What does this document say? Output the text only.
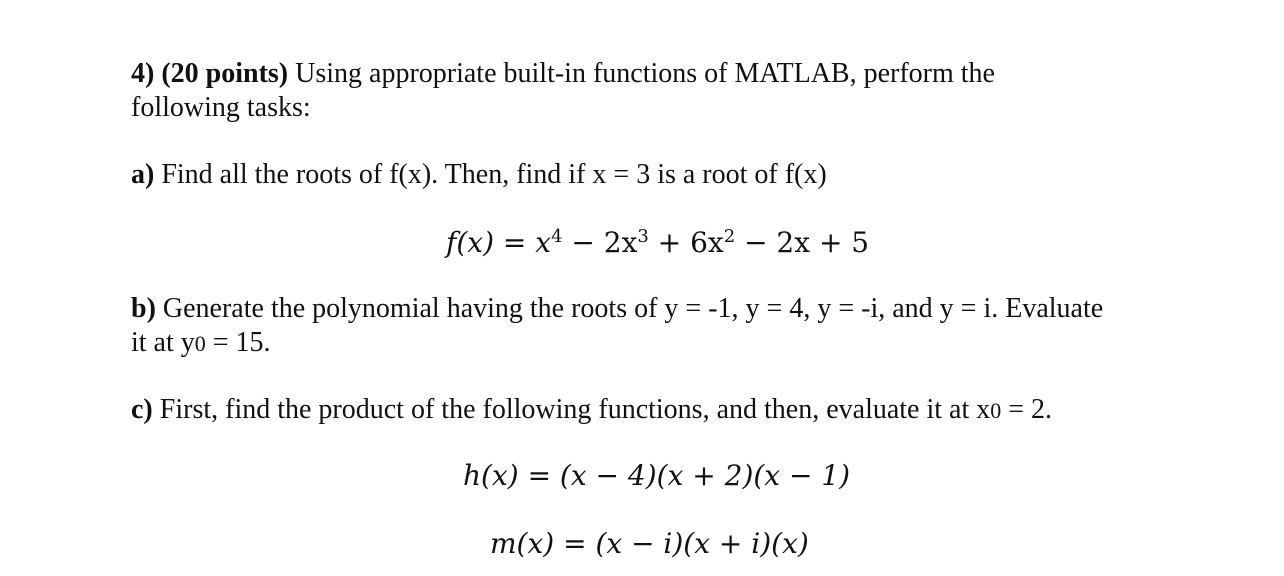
4) (20 points) Using appropriate built-in functions of MATLAB, perform the
following tasks:
a) Find all the roots of f(x). Then, find if x = 3 is a root of f(x)
$f(x) = x^4 - 2x^3 + 6x^2 - 2x + 5$
b) Generate the polynomial having the roots of y = -1, y = 4, y = -i, and y = i. Evaluate
it at y0 = 15.
c) First, find the product of the following functions, and then, evaluate it at x0 = 2.
h(x) = (x − 4)(x + 2)(x − 1)
m(x) = (x − i)(x + i)(x)
